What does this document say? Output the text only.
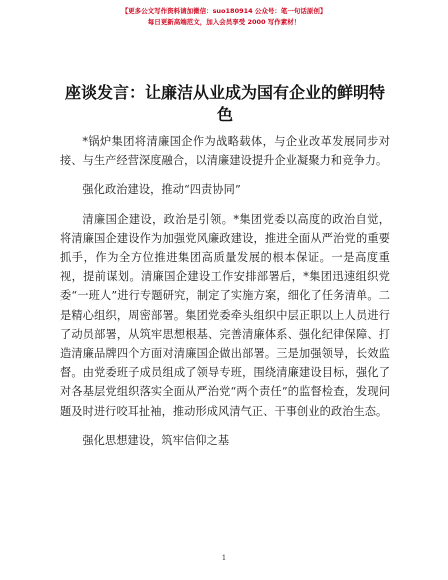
【更多公文写作资料请加微信：suo180914 公众号：笔一句话原创】
每日更新高端范文，加入会员享受 2000 写作素材！
座谈发言：让廉洁从业成为国有企业的鲜明特色

*锅炉集团将清廉国企作为战略载体，与企业改革发展同步对接、与生产经营深度融合，以清廉建设提升企业凝聚力和竞争力。

强化政治建设，推动“四责协同”

清廉国企建设，政治是引领。*集团党委以高度的政治自觉，将清廉国企建设作为加强党风廉政建设，推进全面从严治党的重要抓手，作为全方位推进集团高质量发展的根本保证。一是高度重视，提前谋划。清廉国企建设工作安排部署后，*集团迅速组织党委“一班人”进行专题研究，制定了实施方案，细化了任务清单。二是精心组织，周密部署。集团党委牵头组织中层正职以上人员进行了动员部署，从筑牢思想根基、完善清廉体系、强化纪律保障、打造清廉品牌四个方面对清廉国企做出部署。三是加强领导，长效监督。由党委班子成员组成了领导专班，围绕清廉建设目标，强化了对各基层党组织落实全面从严治党“两个责任”的监督检查，发现问题及时进行咬耳扯袖，推动形成风清气正、干事创业的政治生态。

强化思想建设，筑牢信仰之基

1
